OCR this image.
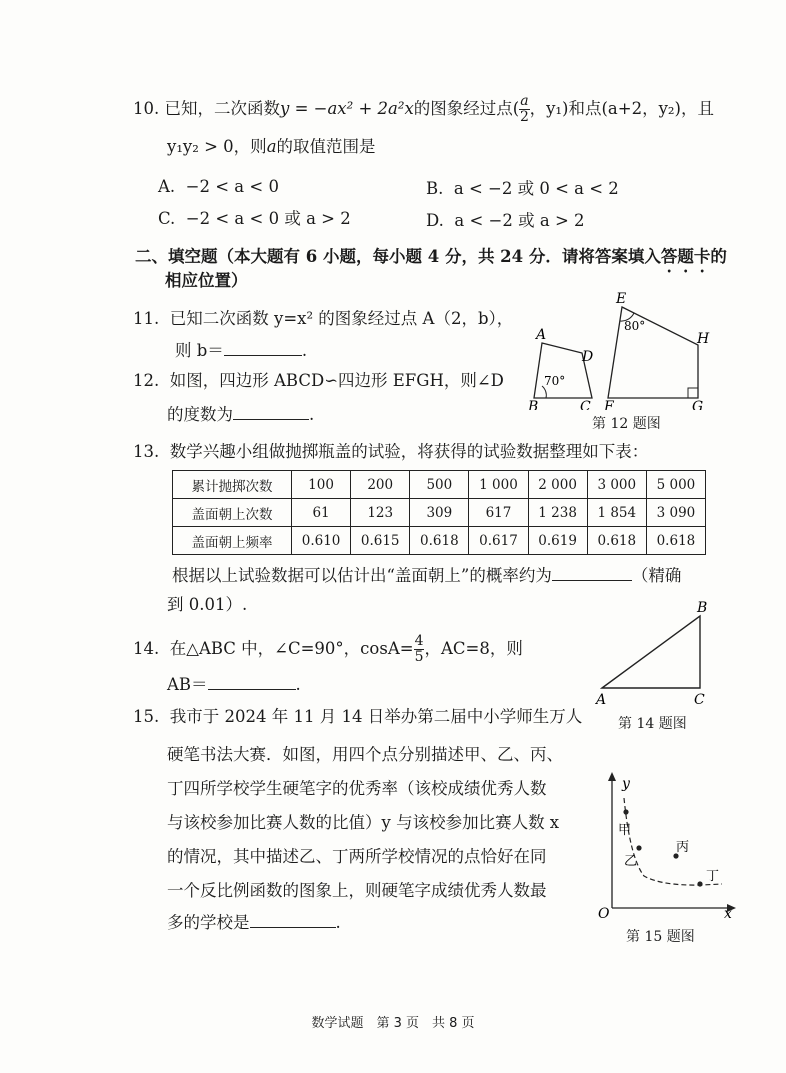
10. 已知，二次函数y = −ax² + 2a²x的图象经过点( $\frac{a}{2}$ ，y₁)和点(a+2，y₂)，且
y₁y₂ > 0，则a的取值范围是
A. −2 < a < 0	B. a < −2 或 0 < a < 2
C. −2 < a < 0 或 a > 2	D. a < −2 或 a > 2
二、填空题（本大题有 6 小题，每小题 4 分，共 24 分．请将答案填入答题卡的
相应位置）
11. 已知二次函数 y=x² 的图象经过点 A（2，b），
则 b＝	.
12. 如图，四边形 ABCD∽四边形 EFGH，则∠D
的度数为	.
A
D
B	C
70°
E
80°
H
F	G
第 12 题图
13. 数学兴趣小组做抛掷瓶盖的试验，将获得的试验数据整理如下表：
累计抛掷次数	100	200	500	1 000	2 000	3 000	5 000
盖面朝上次数	61	123	309	617	1 238	1 854	3 090
盖面朝上频率	0.610	0.615	0.618	0.617	0.619	0.618	0.618
根据以上试验数据可以估计出“盖面朝上”的概率约为	（精确
到 0.01）.
14. 在△ABC 中，∠C=90°，$\cos A= \frac{4}{5}$ ，AC=8，则
AB＝	.
B
A	C
第 14 题图
15. 我市于 2024 年 11 月 14 日举办第二届中小学师生万人
硬笔书法大赛．如图，用四个点分别描述甲、乙、丙、
丁四所学校学生硬笔字的优秀率（该校成绩优秀人数
与该校参加比赛人数的比值）y 与该校参加比赛人数 x
的情况，其中描述乙、丁两所学校情况的点恰好在同
一个反比例函数的图象上，则硬笔字成绩优秀人数最
多的学校是	.
y
x
O
甲
乙
丙
丁
第 15 题图
数学试题　第 3 页　共 8 页
